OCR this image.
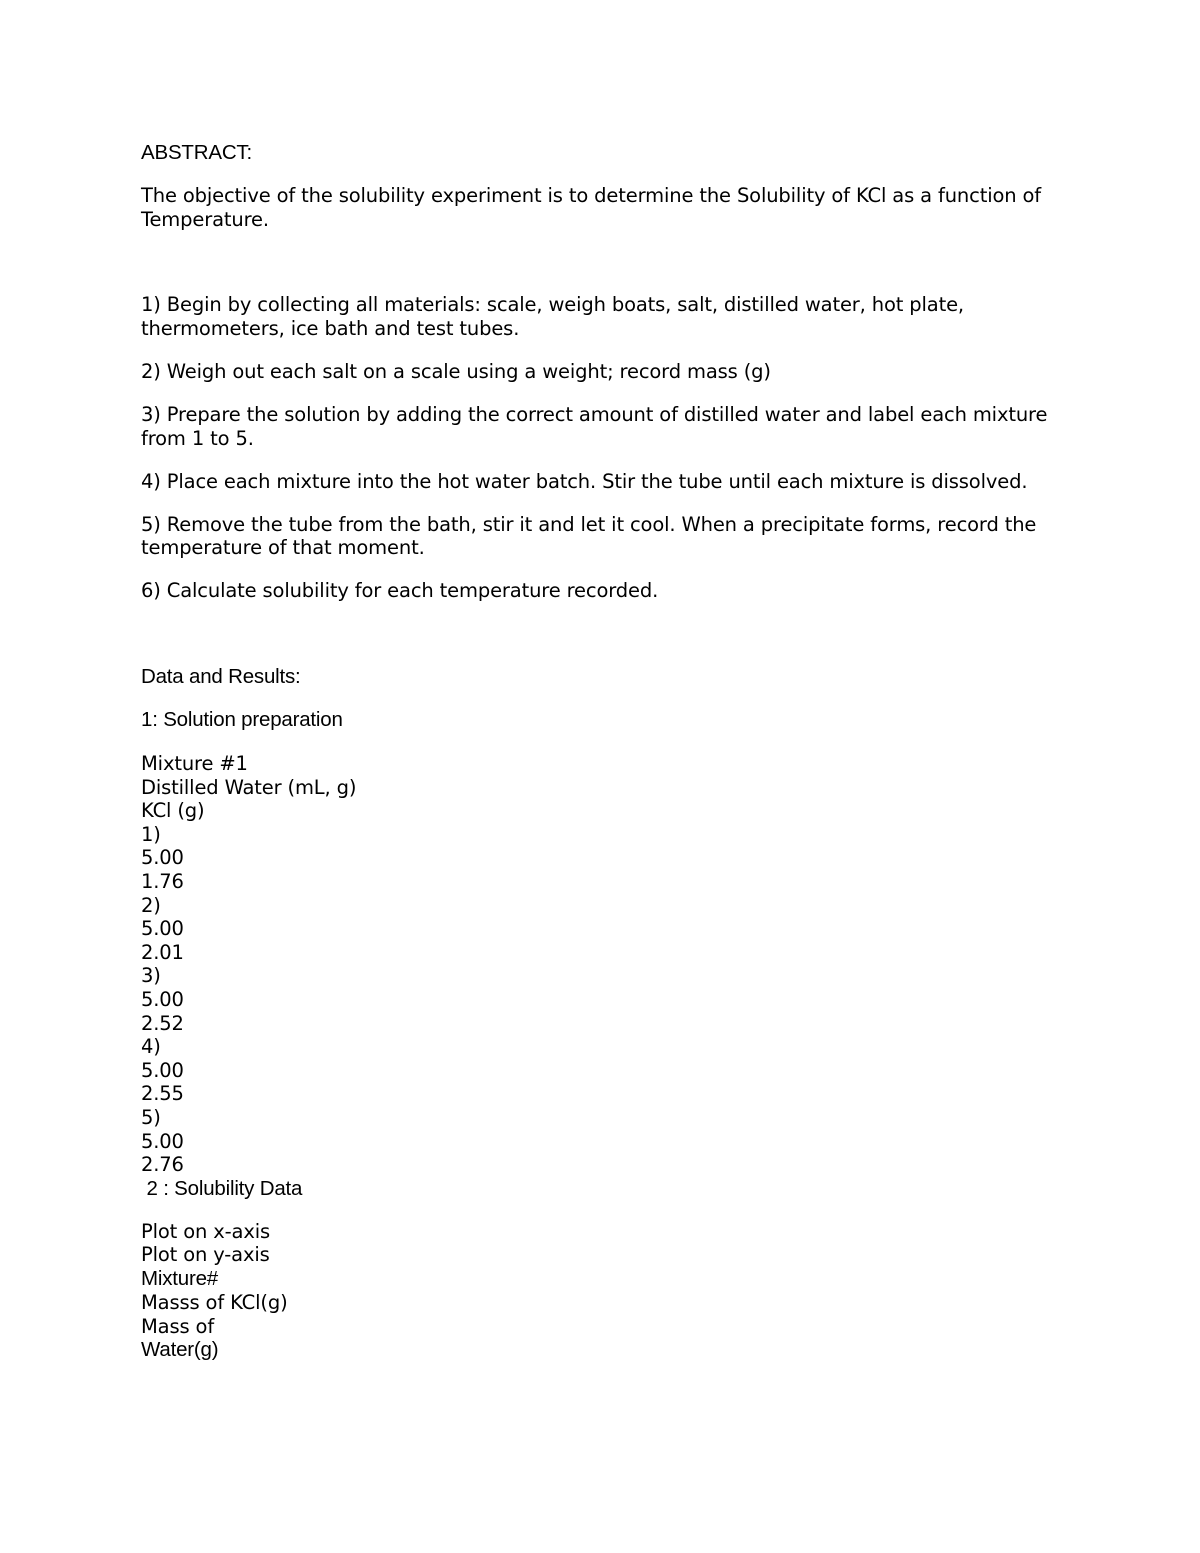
ABSTRACT:

The objective of the solubility experiment is to determine the Solubility of KCl as a function of Temperature.

1) Begin by collecting all materials: scale, weigh boats, salt, distilled water, hot plate, thermometers, ice bath and test tubes.

2) Weigh out each salt on a scale using a weight; record mass (g)

3) Prepare the solution by adding the correct amount of distilled water and label each mixture from 1 to 5.

4) Place each mixture into the hot water batch. Stir the tube until each mixture is dissolved.

5) Remove the tube from the bath, stir it and let it cool. When a precipitate forms, record the temperature of that moment.

6) Calculate solubility for each temperature recorded.

Data and Results:

1: Solution preparation

Mixture #1
Distilled Water (mL, g)
KCl (g)
1)
5.00
1.76
2)
5.00
2.01
3)
5.00
2.52
4)
5.00
2.55
5)
5.00
2.76

2 : Solubility Data

Plot on x-axis
Plot on y-axis
Mixture#
Masss of KCl(g)
Mass of
Water(g)
